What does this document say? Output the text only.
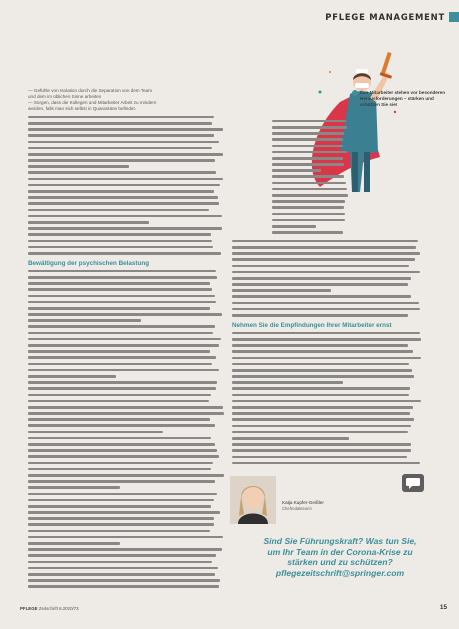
PFLEGE MANAGEMENT
— Gefühle von Isolation durch die Separation von dem Team
und dem im üblichen Sinne arbeiten
— Sorgen, dass die Kollegen und Mitarbeiter Arbeit zu mindern
werden, falls man sich selbst in Quarantäne befindet.
Bewältigung der psychischen Belastung
Ihre Mitarbeiter stehen vor besonderen Herausforderungen – stärken und schützen Sie sie!
Nehmen Sie die Empfindungen Ihrer Mitarbeiter ernst
Katja Kupfer-Geißler
Chefredakteurin
Sind Sie Führungskraft? Was tun Sie,
um Ihr Team in der Corona-Krise zu
stärken und zu schützen?
pflegezeitschrift@springer.com
PFLEGE Zeitschrift 8.2020/73	15
